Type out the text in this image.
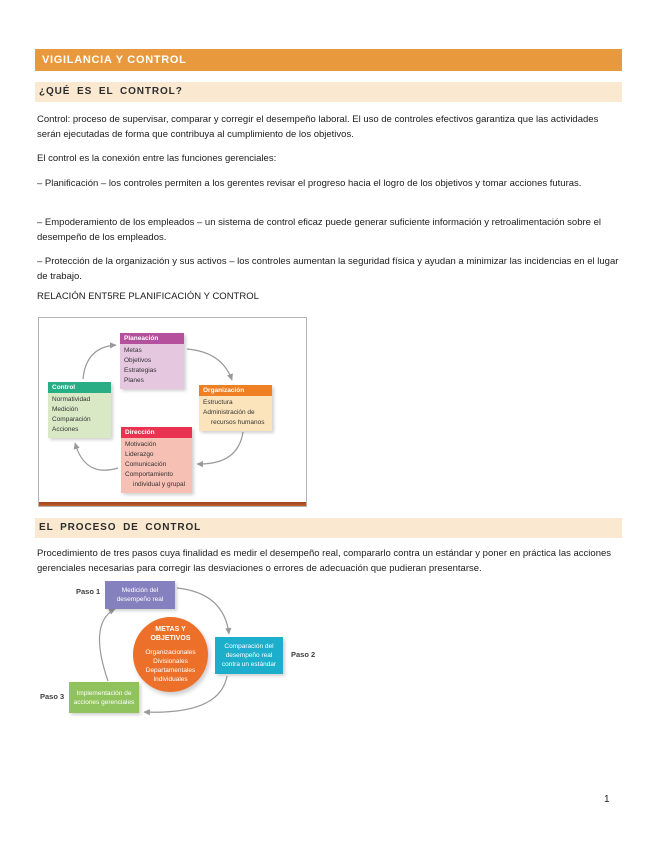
VIGILANCIA Y CONTROL
¿QUÉ ES EL CONTROL?
Control: proceso de supervisar, comparar y corregir el desempeño laboral. El uso de controles efectivos garantiza que las actividades serán ejecutadas de forma que contribuya al cumplimiento de los objetivos.
El control es la conexión entre las funciones gerenciales:
– Planificación – los controles permiten a los gerentes revisar el progreso hacia el logro de los objetivos y tomar acciones futuras.
– Empoderamiento de los empleados – un sistema de control eficaz puede generar suficiente información y retroalimentación sobre el desempeño de los empleados.
– Protección de la organización y sus activos – los controles aumentan la seguridad física y ayudan a minimizar las incidencias en el lugar de trabajo.
RELACIÓN ENT5RE PLANIFICACIÓN Y CONTROL
Planeación
Metas
Objetivos
Estrategias
Planes
Control
Normatividad
Medición
Comparación
Acciones
Organización
Estructura
Administración de recursos humanos
Dirección
Motivación
Liderazgo
Comunicación
Comportamiento individual y grupal
EL PROCESO DE CONTROL
Procedimiento de tres pasos cuya finalidad es medir el desempeño real, compararlo contra un estándar y poner en práctica las acciones gerenciales necesarias para corregir las desviaciones o errores de adecuación que pudieran presentarse.
Paso 1	Medición del desempeño real
Comparación del desempeño real contra un estándar
Paso 2
Paso 3	Implementación de acciones gerenciales
METAS Y OBJETIVOS
Organizacionales
Divisionales
Departamentales
Individuales
1
